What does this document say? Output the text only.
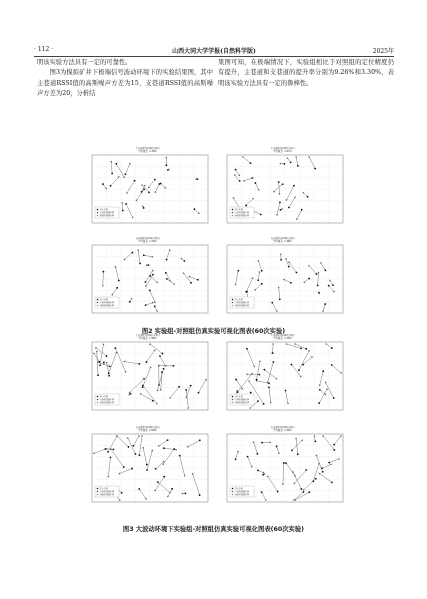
· 112 ·	山西大同大学学报(自然科学版)	2025年

明该实验方法具有一定的可靠性。

图3为模拟矿井下极端信号波动环境下的实验结果图，其中主巷道RSSI值的高斯噪声方差为15、支巷道RSSI值的高斯噪声方差为20，分析结

果图可知，在极端情况下，实验组相比于对照组的定位精度仍有提升，主巷道和支巷道的提升率分别为9.26%和3.30%，表明该实验方法具有一定的鲁棒性。

真实位置
实验组预测位置
对照组预测位置
主巷道定位(60次实验)
平均误差: 1.34m
真实位置
实验组预测位置
对照组预测位置
主巷道定位(60次实验)
平均误差: 1.67m
真实位置
实验组预测位置
对照组预测位置
支巷道定位(60次实验)
平均误差: 1.29m
真实位置
实验组预测位置
对照组预测位置
支巷道定位(60次实验)
平均误差: 1.38m
图2 实验组-对照组仿真实验可视化图表(60次实验)
真实位置
实验组预测位置
对照组预测位置
主巷道定位(60次实验)
平均误差: 1.96m
真实位置
实验组预测位置
对照组预测位置
主巷道定位(60次实验)
平均误差: 2.16m
真实位置
实验组预测位置
对照组预测位置
支巷道定位(60次实验)
平均误差: 2.09m
真实位置
实验组预测位置
对照组预测位置
支巷道定位(60次实验)
平均误差: 2.16m
图3 大波动环境下实验组-对照组仿真实验可视化图表(60次实验)
